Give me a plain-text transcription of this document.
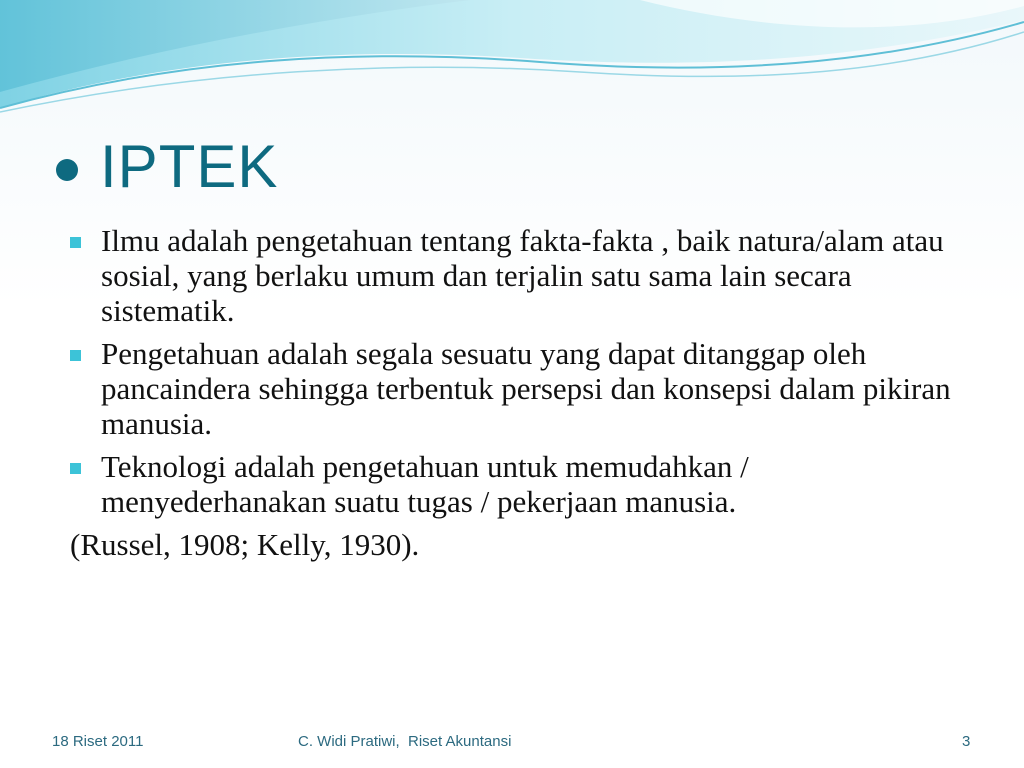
IPTEK
Ilmu adalah pengetahuan tentang fakta-fakta , baik natura/alam atau sosial, yang berlaku umum dan terjalin satu sama lain secara sistematik.
Pengetahuan adalah segala sesuatu yang dapat ditanggap oleh pancaindera sehingga terbentuk persepsi dan konsepsi dalam pikiran manusia.
Teknologi adalah pengetahuan untuk memudahkan / menyederhanakan suatu tugas / pekerjaan manusia.
(Russel, 1908; Kelly, 1930).
18 Riset 2011	C. Widi Pratiwi,  Riset Akuntansi	3
